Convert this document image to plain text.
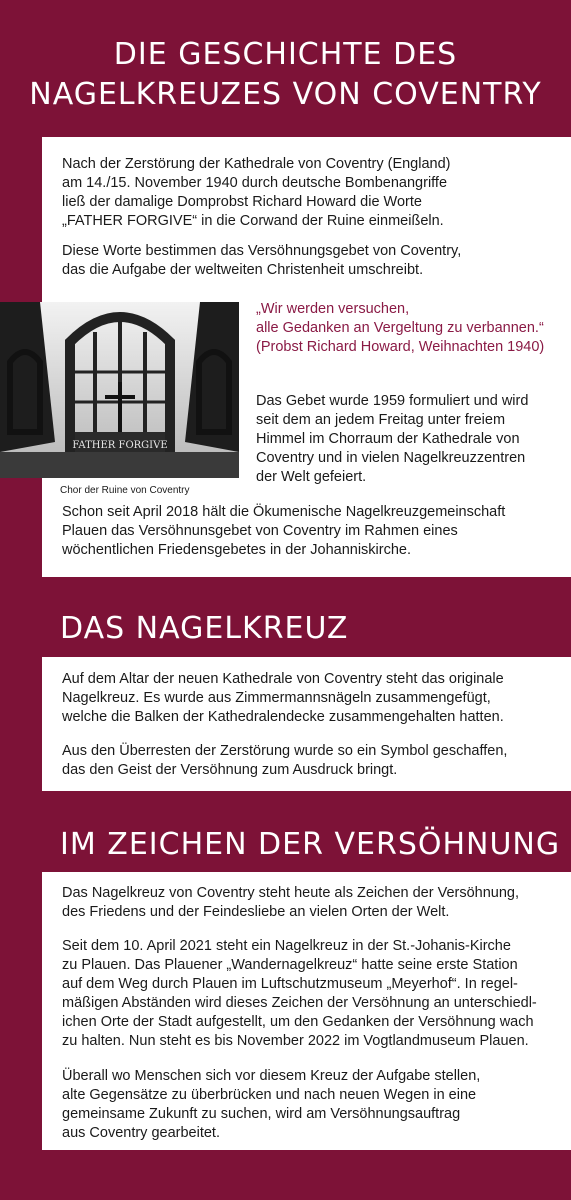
DIE GESCHICHTE DES
NAGELKREUZES VON COVENTRY

Nach der Zerstörung der Kathedrale von Coventry (England)
am 14./15. November 1940 durch deutsche Bombenangriffe
ließ der damalige Domprobst Richard Howard die Worte
„FATHER FORGIVE“ in die Corwand der Ruine einmeißeln.

Diese Worte bestimmen das Versöhnungsgebet von Coventry,
das die Aufgabe der weltweiten Christenheit umschreibt.

FATHER FORGIVE

Chor der Ruine von Coventry

„Wir werden versuchen,
alle Gedanken an Vergeltung zu verbannen.“
(Probst Richard Howard, Weihnachten 1940)

Das Gebet wurde 1959 formuliert und wird
seit dem an jedem Freitag unter freiem
Himmel im Chorraum der Kathedrale von
Coventry und in vielen Nagelkreuzzentren
der Welt gefeiert.

Schon seit April 2018 hält die Ökumenische Nagelkreuzgemeinschaft
Plauen das Versöhnunsgebet von Coventry im Rahmen eines
wöchentlichen Friedensgebetes in der Johanniskirche.

DAS NAGELKREUZ

Auf dem Altar der neuen Kathedrale von Coventry steht das originale
Nagelkreuz. Es wurde aus Zimmermannsnägeln zusammengefügt,
welche die Balken der Kathedralendecke zusammengehalten hatten.

Aus den Überresten der Zerstörung wurde so ein Symbol geschaffen,
das den Geist der Versöhnung zum Ausdruck bringt.

IM ZEICHEN DER VERSÖHNUNG

Das Nagelkreuz von Coventry steht heute als Zeichen der Versöhnung,
des Friedens und der Feindesliebe an vielen Orten der Welt.

Seit dem 10. April 2021 steht ein Nagelkreuz in der St.-Johanis-Kirche
zu Plauen. Das Plauener „Wandernagelkreuz“ hatte seine erste Station
auf dem Weg durch Plauen im Luftschutzmuseum „Meyerhof“. In regel-
mäßigen Abständen wird dieses Zeichen der Versöhnung an unterschiedl-
ichen Orte der Stadt aufgestellt, um den Gedanken der Versöhnung wach
zu halten. Nun steht es bis November 2022 im Vogtlandmuseum Plauen.

Überall wo Menschen sich vor diesem Kreuz der Aufgabe stellen,
alte Gegensätze zu überbrücken und nach neuen Wegen in eine
gemeinsame Zukunft zu suchen, wird am Versöhnungsauftrag
aus Coventry gearbeitet.
